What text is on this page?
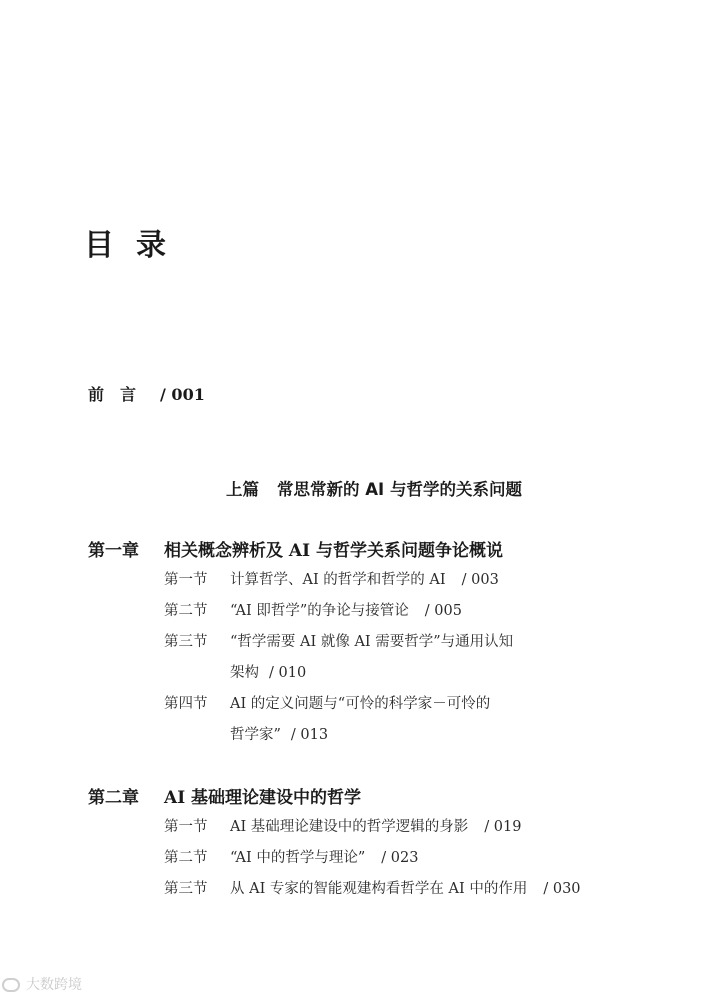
目录
前言 / 001
上篇 常思常新的 AI 与哲学的关系问题
第一章 相关概念辨析及 AI 与哲学关系问题争论概说
第一节 计算哲学、AI 的哲学和哲学的 AI / 003
第二节 “AI 即哲学”的争论与接管论 / 005
第三节 “哲学需要 AI 就像 AI 需要哲学”与通用认知
架构 / 010
第四节 AI 的定义问题与“可怜的科学家－可怜的
哲学家” / 013
第二章 AI 基础理论建设中的哲学
第一节 AI 基础理论建设中的哲学逻辑的身影 / 019
第二节 “AI 中的哲学与理论” / 023
第三节 从 AI 专家的智能观建构看哲学在 AI 中的作用 / 030
大数跨境
